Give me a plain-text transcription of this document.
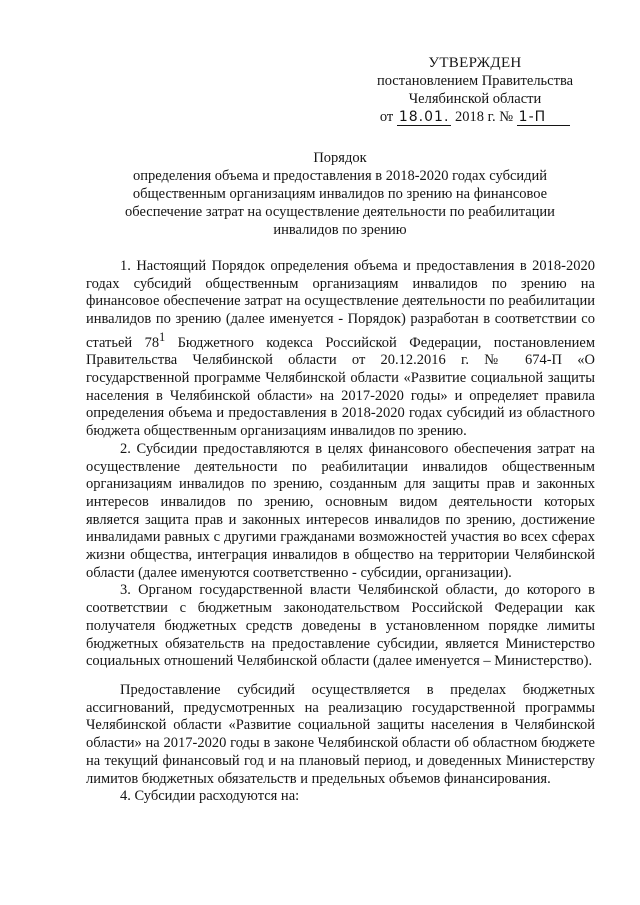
УТВЕРЖДЕН
постановлением Правительства
Челябинской области
от 18.01. 2018 г. № 1-П
Порядок
определения объема и предоставления в 2018-2020 годах субсидий
общественным организациям инвалидов по зрению на финансовое
обеспечение затрат на осуществление деятельности по реабилитации
инвалидов по зрению

1. Настоящий Порядок определения объема и предоставления в 2018-2020 годах субсидий общественным организациям инвалидов по зрению на финансовое обеспечение затрат на осуществление деятельности по реабилитации инвалидов по зрению (далее именуется - Порядок) разработан в соответствии со статьей $78^1$ Бюджетного кодекса Российской Федерации, постановлением Правительства Челябинской области от 20.12.2016 г. № 674-П «О государственной программе Челябинской области «Развитие социальной защиты населения в Челябинской области» на 2017-2020 годы» и определяет правила определения объема и предоставления в 2018-2020 годах субсидий из областного бюджета общественным организациям инвалидов по зрению.

2. Субсидии предоставляются в целях финансового обеспечения затрат на осуществление деятельности по реабилитации инвалидов общественным организациям инвалидов по зрению, созданным для защиты прав и законных интересов инвалидов по зрению, основным видом деятельности которых является защита прав и законных интересов инвалидов по зрению, достижение инвалидами равных с другими гражданами возможностей участия во всех сферах жизни общества, интеграция инвалидов в общество на территории Челябинской области (далее именуются соответственно - субсидии, организации).

3. Органом государственной власти Челябинской области, до которого в соответствии с бюджетным законодательством Российской Федерации как получателя бюджетных средств доведены в установленном порядке лимиты бюджетных обязательств на предоставление субсидии, является Министерство социальных отношений Челябинской области (далее именуется – Министерство).

Предоставление субсидий осуществляется в пределах бюджетных ассигнований, предусмотренных на реализацию государственной программы Челябинской области «Развитие социальной защиты населения в Челябинской области» на 2017-2020 годы в законе Челябинской области об областном бюджете на текущий финансовый год и на плановый период, и доведенных Министерству лимитов бюджетных обязательств и предельных объемов финансирования.

4. Субсидии расходуются на:
